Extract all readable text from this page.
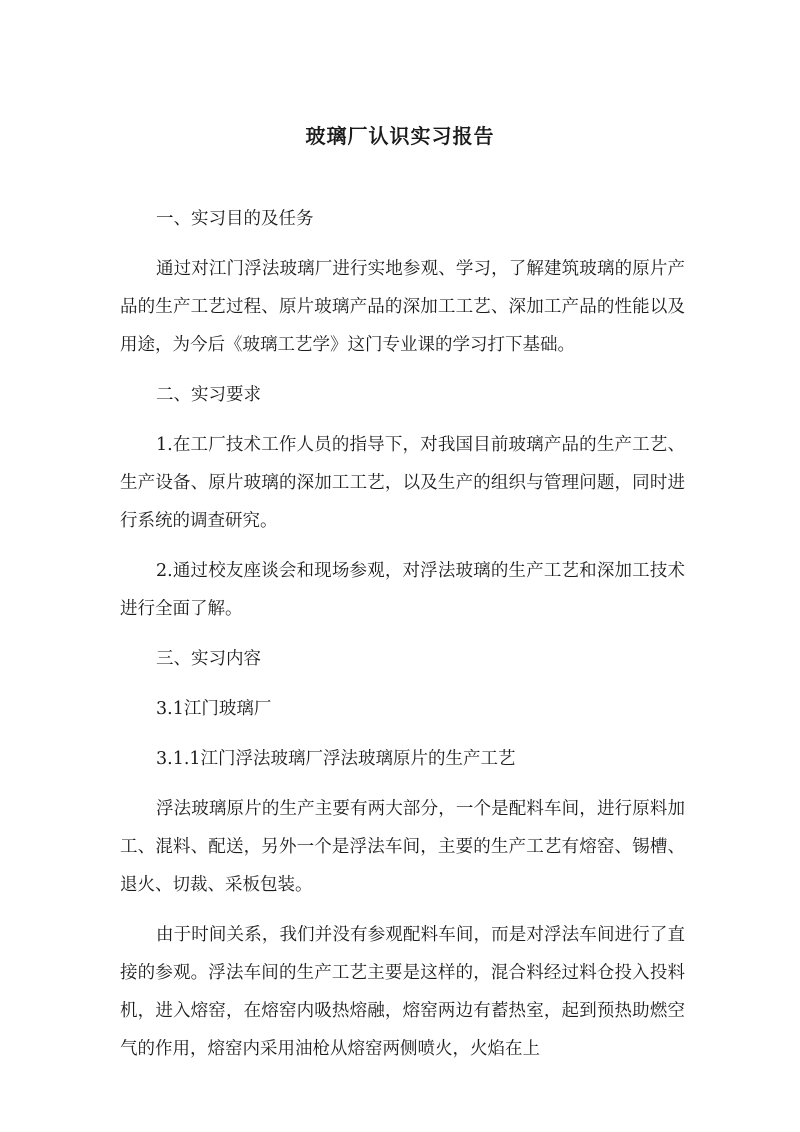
玻璃厂认识实习报告

一、实习目的及任务

通过对江门浮法玻璃厂进行实地参观、学习，了解建筑玻璃的原片产品的生产工艺过程、原片玻璃产品的深加工工艺、深加工产品的性能以及用途，为今后《玻璃工艺学》这门专业课的学习打下基础。

二、实习要求

1.在工厂技术工作人员的指导下，对我国目前玻璃产品的生产工艺、生产设备、原片玻璃的深加工工艺，以及生产的组织与管理问题，同时进行系统的调查研究。

2.通过校友座谈会和现场参观，对浮法玻璃的生产工艺和深加工技术进行全面了解。

三、实习内容

3.1江门玻璃厂

3.1.1江门浮法玻璃厂浮法玻璃原片的生产工艺

浮法玻璃原片的生产主要有两大部分，一个是配料车间，进行原料加工、混料、配送，另外一个是浮法车间，主要的生产工艺有熔窑、锡槽、退火、切裁、采板包装。

由于时间关系，我们并没有参观配料车间，而是对浮法车间进行了直接的参观。浮法车间的生产工艺主要是这样的，混合料经过料仓投入投料机，进入熔窑，在熔窑内吸热熔融，熔窑两边有蓄热室，起到预热助燃空气的作用，熔窑内采用油枪从熔窑两侧喷火，火焰在上
